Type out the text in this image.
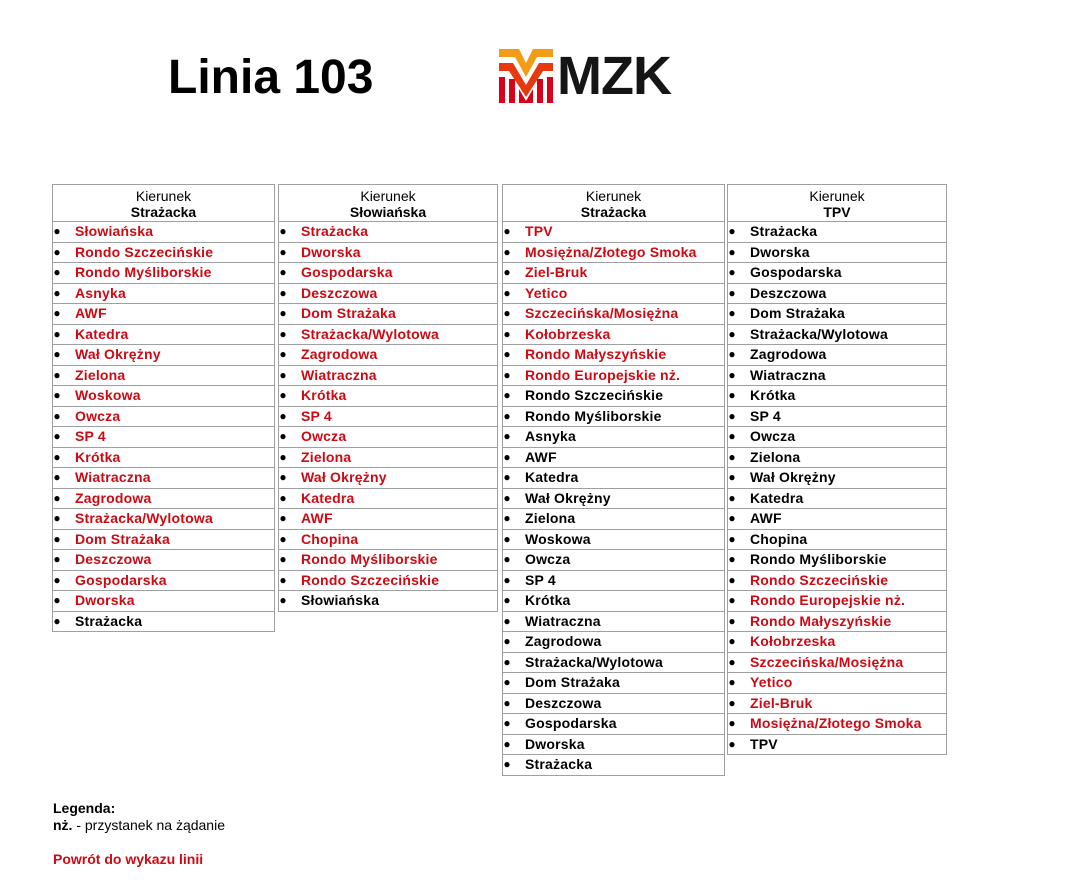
Linia 103	MZK
Kierunek
Strażacka
● Słowiańska
● Rondo Szczecińskie
● Rondo Myśliborskie
● Asnyka
● AWF
● Katedra
● Wał Okrężny
● Zielona
● Woskowa
● Owcza
● SP 4
● Krótka
● Wiatraczna
● Zagrodowa
● Strażacka/Wylotowa
● Dom Strażaka
● Deszczowa
● Gospodarska
● Dworska
● Strażacka
Kierunek
Słowiańska
● Strażacka
● Dworska
● Gospodarska
● Deszczowa
● Dom Strażaka
● Strażacka/Wylotowa
● Zagrodowa
● Wiatraczna
● Krótka
● SP 4
● Owcza
● Zielona
● Wał Okrężny
● Katedra
● AWF
● Chopina
● Rondo Myśliborskie
● Rondo Szczecińskie
● Słowiańska
Kierunek
Strażacka
● TPV
● Mosiężna/Złotego Smoka
● Ziel-Bruk
● Yetico
● Szczecińska/Mosiężna
● Kołobrzeska
● Rondo Małyszyńskie
● Rondo Europejskie nż.
● Rondo Szczecińskie
● Rondo Myśliborskie
● Asnyka
● AWF
● Katedra
● Wał Okrężny
● Zielona
● Woskowa
● Owcza
● SP 4
● Krótka
● Wiatraczna
● Zagrodowa
● Strażacka/Wylotowa
● Dom Strażaka
● Deszczowa
● Gospodarska
● Dworska
● Strażacka
Kierunek
TPV
● Strażacka
● Dworska
● Gospodarska
● Deszczowa
● Dom Strażaka
● Strażacka/Wylotowa
● Zagrodowa
● Wiatraczna
● Krótka
● SP 4
● Owcza
● Zielona
● Wał Okrężny
● Katedra
● AWF
● Chopina
● Rondo Myśliborskie
● Rondo Szczecińskie
● Rondo Europejskie nż.
● Rondo Małyszyńskie
● Kołobrzeska
● Szczecińska/Mosiężna
● Yetico
● Ziel-Bruk
● Mosiężna/Złotego Smoka
● TPV
Legenda:
nż. - przystanek na żądanie
Powrót do wykazu linii
